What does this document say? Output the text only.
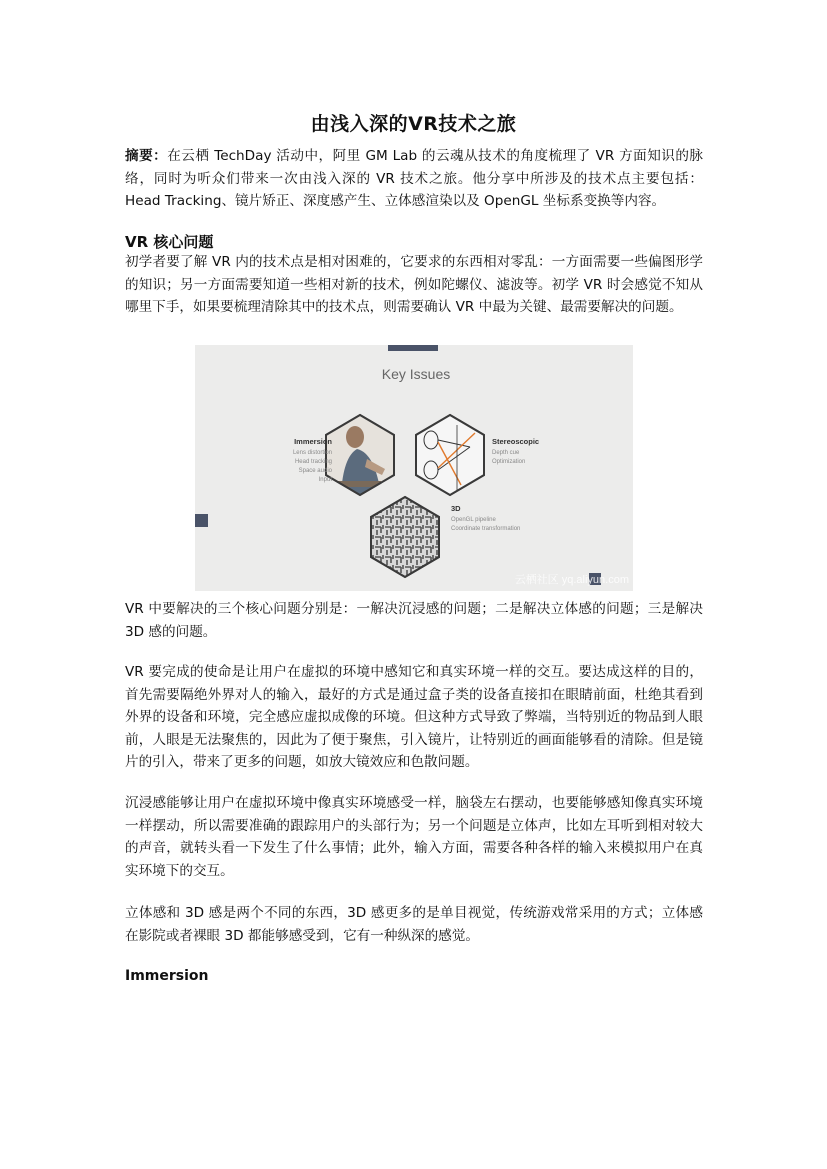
由浅入深的VR技术之旅

摘要：在云栖 TechDay 活动中，阿里 GM Lab 的云魂从技术的角度梳理了 VR 方面知识的脉络，同时为听众们带来一次由浅入深的 VR 技术之旅。他分享中所涉及的技术点主要包括：Head Tracking、镜片矫正、深度感产生、立体感渲染以及 OpenGL 坐标系变换等内容。

VR 核心问题

初学者要了解 VR 内的技术点是相对困难的，它要求的东西相对零乱：一方面需要一些偏图形学的知识；另一方面需要知道一些相对新的技术，例如陀螺仪、滤波等。初学 VR 时会感觉不知从哪里下手，如果要梳理清除其中的技术点，则需要确认 VR 中最为关键、最需要解决的问题。

Key Issues
Immersion
Lens distortion
Head tracking
Space audio
Input
Stereoscopic
Depth cue
Optimization
3D
OpenGL pipeline
Coordinate transformation
云栖社区 yq.aliyun.com

VR 中要解决的三个核心问题分别是：一解决沉浸感的问题；二是解决立体感的问题；三是解决 3D 感的问题。

VR 要完成的使命是让用户在虚拟的环境中感知它和真实环境一样的交互。要达成这样的目的，首先需要隔绝外界对人的输入，最好的方式是通过盒子类的设备直接扣在眼睛前面，杜绝其看到外界的设备和环境，完全感应虚拟成像的环境。但这种方式导致了弊端，当特别近的物品到人眼前，人眼是无法聚焦的，因此为了便于聚焦，引入镜片，让特别近的画面能够看的清除。但是镜片的引入，带来了更多的问题，如放大镜效应和色散问题。

沉浸感能够让用户在虚拟环境中像真实环境感受一样，脑袋左右摆动，也要能够感知像真实环境一样摆动，所以需要准确的跟踪用户的头部行为；另一个问题是立体声，比如左耳听到相对较大的声音，就转头看一下发生了什么事情；此外，输入方面，需要各种各样的输入来模拟用户在真实环境下的交互。

立体感和 3D 感是两个不同的东西，3D 感更多的是单目视觉，传统游戏常采用的方式；立体感在影院或者裸眼 3D 都能够感受到，它有一种纵深的感觉。

Immersion
